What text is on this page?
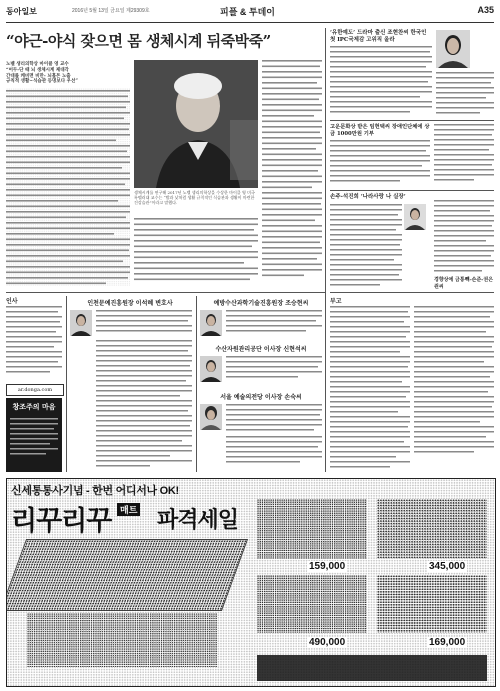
동아일보	2016년 5월 13일 금요일 제29309호	피플 & 투데이	A35
“야근-야식 잦으면 몸 생체시계 뒤죽박죽”
노벨 생리의학상 마이클 영 교수
“어두-단 때 뇌 생체시계 제대각
간대를 케비면 비만- 뇌홀몬 노출
규칙적 생활~식습관 등명보다 우선”
생체시계를 연구해 2017년 노벨 생리의학상을 수상한 마이클 영 미국 록펠러대 교수는 “밤과 낮처럼 생활 규칙적인 식습관과 생활이 마련한 건강습관”이라고 말했다.
‘유한예도’ 드라마 출신 조현찬씨 한국인 첫 IPC국제감 고위직 올라
고운문화상 받은 임헌택씨 장애인단체에 상금 1000만원 기부
손주-석진희 ‘나라사랑 나 실장’
경향상에 금통뺵-손준-권은쥔씨
인사
ar.donga.com
창조주의 마음
인천문예진흥원장 이석혜 변호사	예방수산과학기술진흥원장 조승현씨
수산자원관리공단 이사장 신현석씨
서울 예술의전당 이사장 손숙씨
부고
신세통통사기념 - 한번 어디서나 OK!
리꾸리꾸 매트 파격세일
159,000	345,000
490,000	169,000
